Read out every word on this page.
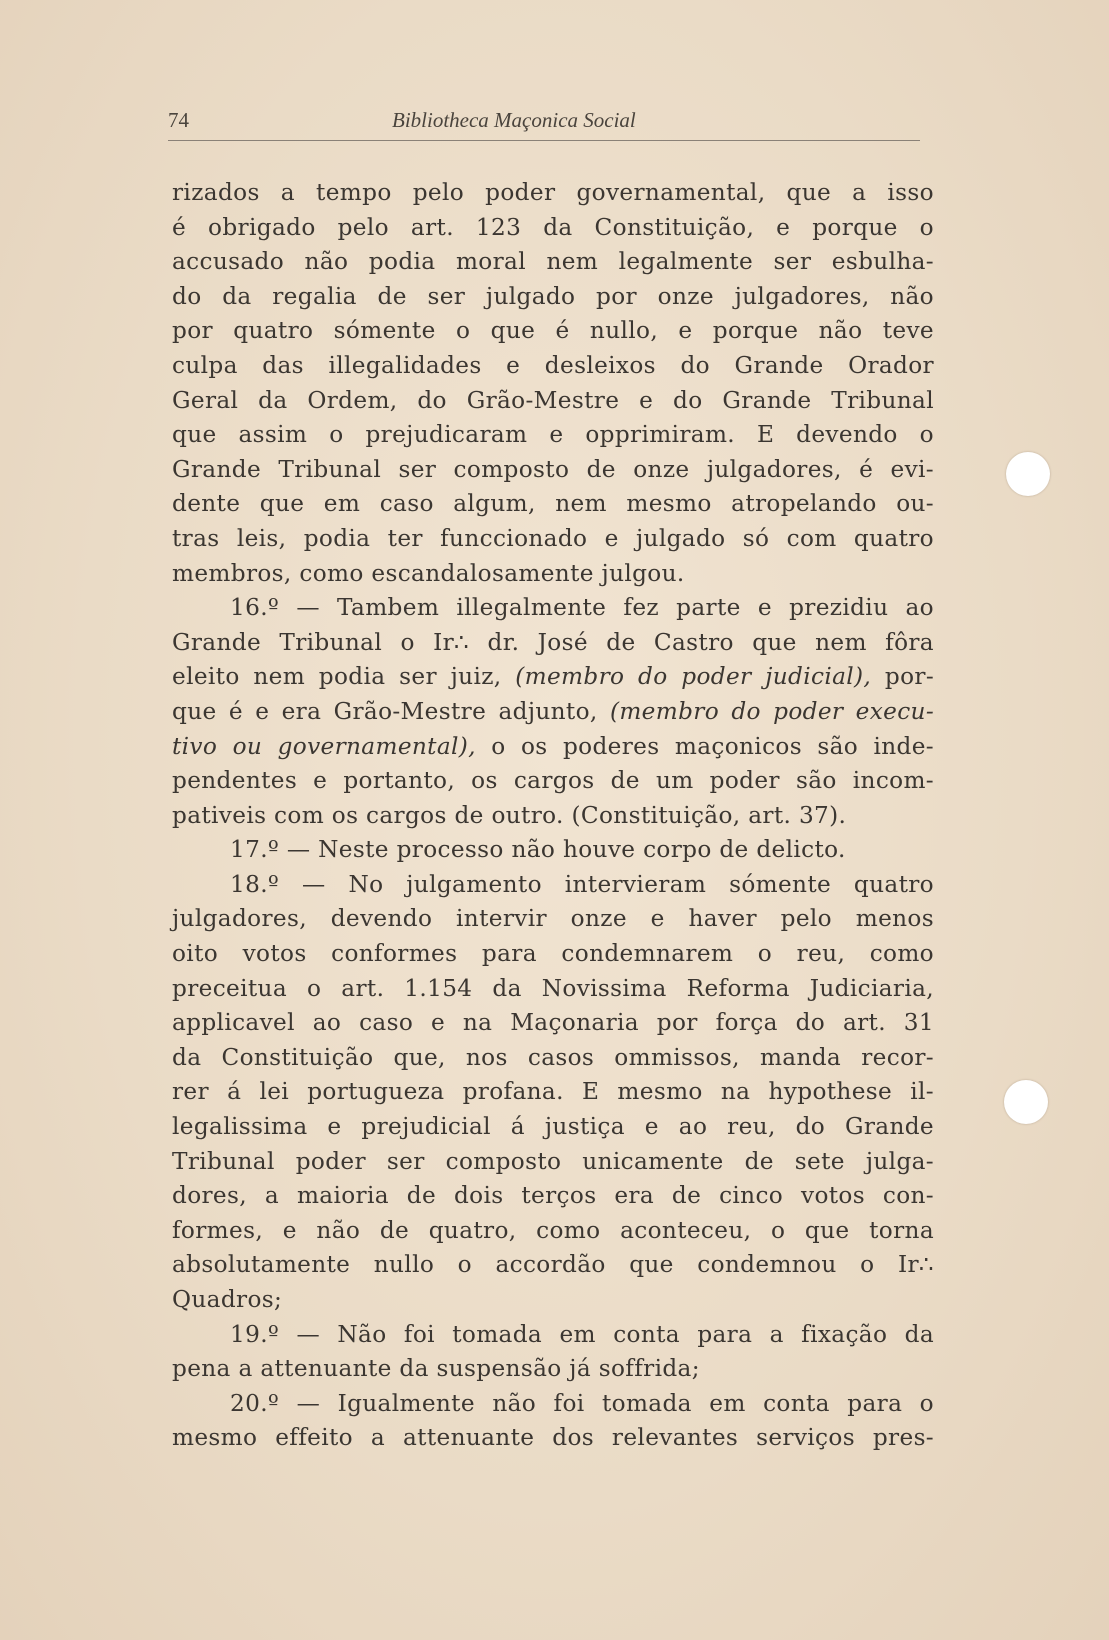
74	Bibliotheca Maçonica Social
rizados a tempo pelo poder governamental, que a isso
é obrigado pelo art. 123 da Constituição, e porque o
accusado não podia moral nem legalmente ser esbulha-
do da regalia de ser julgado por onze julgadores, não
por quatro sómente o que é nullo, e porque não teve
culpa das illegalidades e desleixos do Grande Orador
Geral da Ordem, do Grão-Mestre e do Grande Tribunal
que assim o prejudicaram e opprimiram. E devendo o
Grande Tribunal ser composto de onze julgadores, é evi-
dente que em caso algum, nem mesmo atropelando ou-
tras leis, podia ter funccionado e julgado só com quatro
membros, como escandalosamente julgou.
16.º — Tambem illegalmente fez parte e prezidiu ao
Grande Tribunal o Ir∴ dr. José de Castro que nem fôra
eleito nem podia ser juiz, (membro do poder judicial), por-
que é e era Grão-Mestre adjunto, (membro do poder execu-
tivo ou governamental), o os poderes maçonicos são inde-
pendentes e portanto, os cargos de um poder são incom-
pativeis com os cargos de outro. (Constituição, art. 37).
17.º — Neste processo não houve corpo de delicto.
18.º — No julgamento intervieram sómente quatro
julgadores, devendo intervir onze e haver pelo menos
oito votos conformes para condemnarem o reu, como
preceitua o art. 1.154 da Novissima Reforma Judiciaria,
applicavel ao caso e na Maçonaria por força do art. 31
da Constituição que, nos casos ommissos, manda recor-
rer á lei portugueza profana. E mesmo na hypothese il-
legalissima e prejudicial á justiça e ao reu, do Grande
Tribunal poder ser composto unicamente de sete julga-
dores, a maioria de dois terços era de cinco votos con-
formes, e não de quatro, como aconteceu, o que torna
absolutamente nullo o accordão que condemnou o Ir∴
Quadros;
19.º — Não foi tomada em conta para a fixação da
pena a attenuante da suspensão já soffrida;
20.º — Igualmente não foi tomada em conta para o
mesmo effeito a attenuante dos relevantes serviços pres-
